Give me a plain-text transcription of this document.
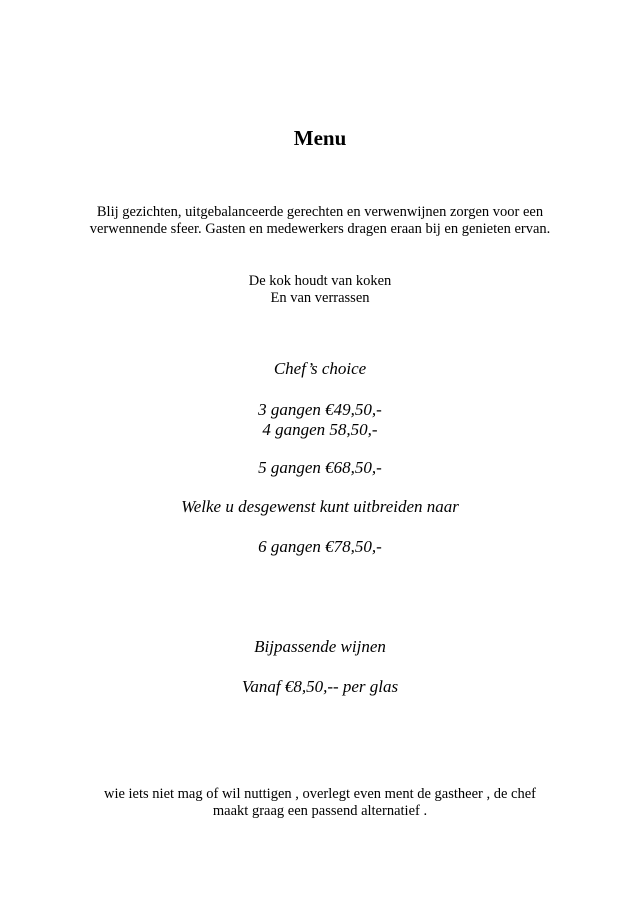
Menu
Blij gezichten, uitgebalanceerde gerechten en verwenwijnen zorgen voor een
verwennende sfeer. Gasten en medewerkers dragen eraan bij en genieten ervan.
De kok houdt van koken
En van verrassen
Chef’s choice
3 gangen €49,50,-
4 gangen 58,50,-
5 gangen €68,50,-
Welke u desgewenst kunt uitbreiden naar
6 gangen €78,50,-
Bijpassende wijnen
Vanaf €8,50,-- per glas
wie iets niet mag of wil nuttigen , overlegt even ment de gastheer , de chef
maakt graag een passend alternatief .
